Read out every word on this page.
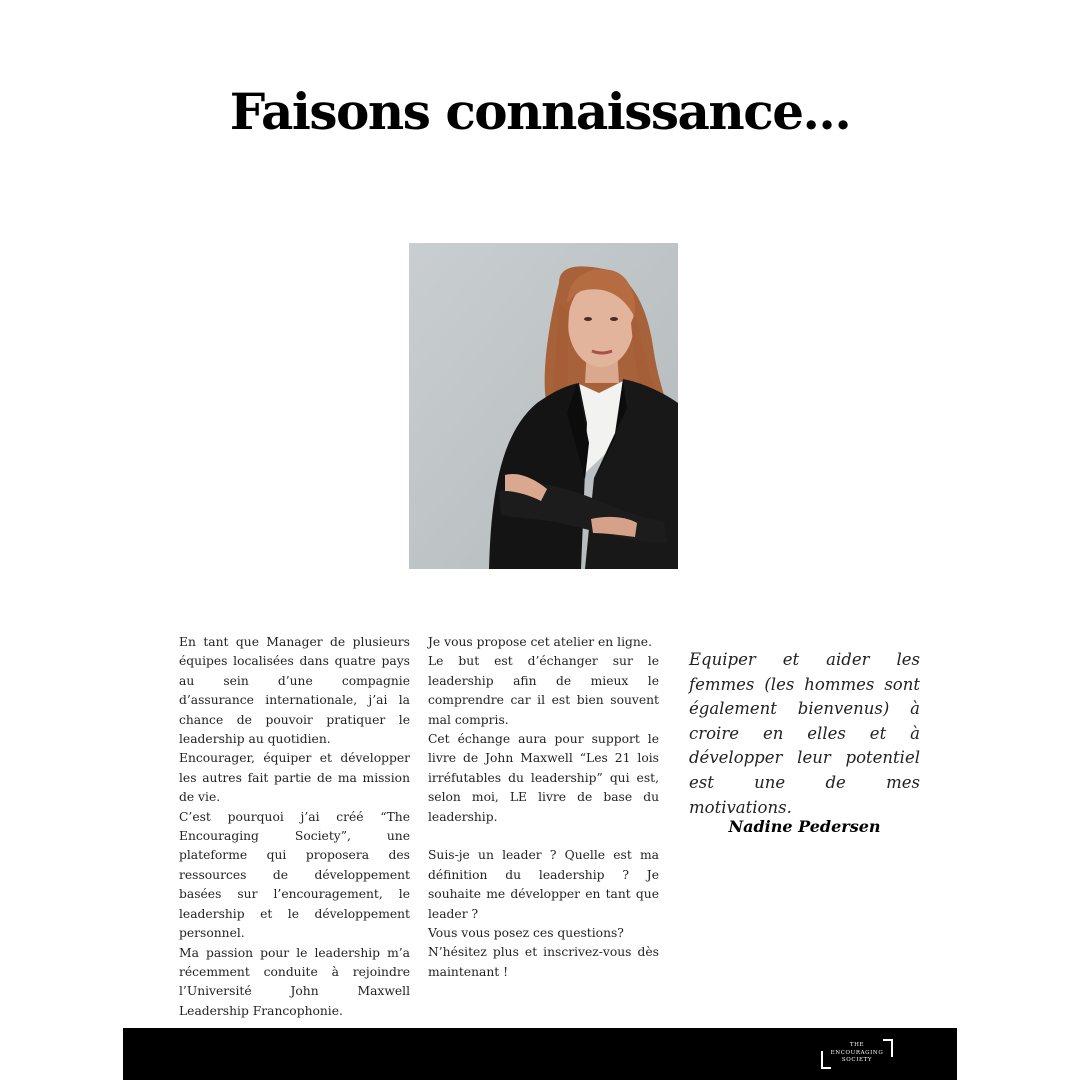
Faisons connaissance...

En tant que Manager de plusieurs équipes localisées dans quatre pays au sein d’une compagnie d’assurance internationale, j’ai la chance de pouvoir pratiquer le leadership au quotidien.

Encourager, équiper et développer les autres fait partie de ma mission de vie.

C’est pourquoi j’ai créé “The Encouraging Society”, une plateforme qui proposera des ressources de développement basées sur l’encouragement, le leadership et le développement personnel.

Ma passion pour le leadership m’a récemment conduite à rejoindre l’Université John Maxwell Leadership Francophonie.

Je vous propose cet atelier en ligne.

Le but est d’échanger sur le leadership afin de mieux le comprendre car il est bien souvent mal compris.

Cet échange aura pour support le livre de John Maxwell “Les 21 lois irréfutables du leadership” qui est, selon moi, LE livre de base du leadership.

Suis-je un leader ? Quelle est ma définition du leadership ? Je souhaite me développer en tant que leader ?

Vous vous posez ces questions?

N’hésitez plus et inscrivez-vous dès maintenant !

Equiper et aider les femmes (les hommes sont également bienvenus) à croire en elles et à développer leur potentiel est une de mes motivations.
Nadine Pedersen
THE
ENCOURAGING
SOCIETY
